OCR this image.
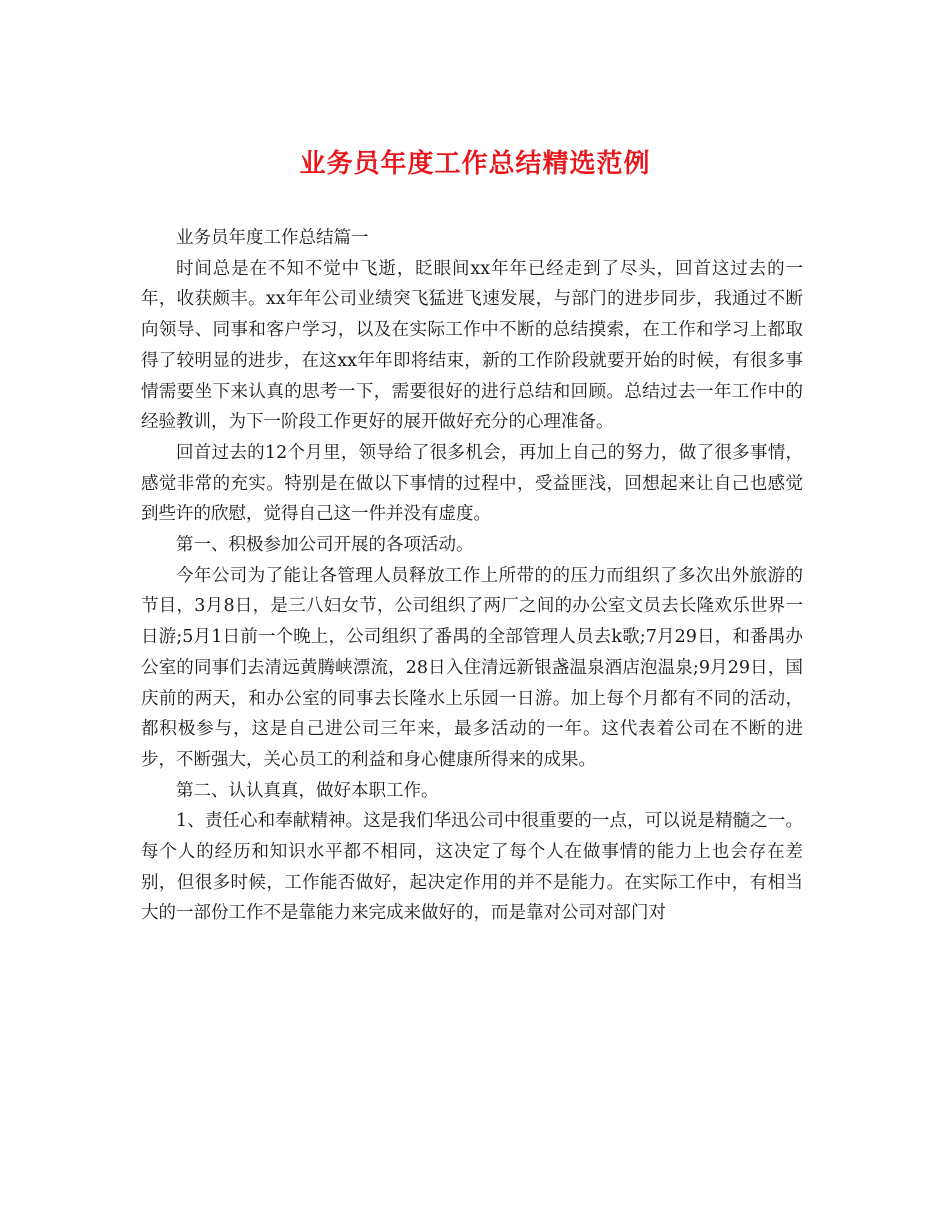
业务员年度工作总结精选范例

业务员年度工作总结篇一

时间总是在不知不觉中飞逝，眨眼间xx年年已经走到了尽头，回首这过去的一年，收获颇丰。xx年年公司业绩突飞猛进飞速发展，与部门的进步同步，我通过不断向领导、同事和客户学习，以及在实际工作中不断的总结摸索，在工作和学习上都取得了较明显的进步，在这xx年年即将结束，新的工作阶段就要开始的时候，有很多事情需要坐下来认真的思考一下，需要很好的进行总结和回顾。总结过去一年工作中的经验教训，为下一阶段工作更好的展开做好充分的心理准备。

回首过去的12个月里，领导给了很多机会，再加上自己的努力，做了很多事情，感觉非常的充实。特别是在做以下事情的过程中，受益匪浅，回想起来让自己也感觉到些许的欣慰，觉得自己这一件并没有虚度。

第一、积极参加公司开展的各项活动。

今年公司为了能让各管理人员释放工作上所带的的压力而组织了多次出外旅游的节目，3月8日，是三八妇女节，公司组织了两厂之间的办公室文员去长隆欢乐世界一日游;5月1日前一个晚上，公司组织了番禺的全部管理人员去k歌;7月29日，和番禺办公室的同事们去清远黄腾峡漂流，28日入住清远新银盏温泉酒店泡温泉;9月29日，国庆前的两天，和办公室的同事去长隆水上乐园一日游。加上每个月都有不同的活动，都积极参与，这是自己进公司三年来，最多活动的一年。这代表着公司在不断的进步，不断强大，关心员工的利益和身心健康所得来的成果。

第二、认认真真，做好本职工作。

1、责任心和奉献精神。这是我们华迅公司中很重要的一点，可以说是精髓之一。每个人的经历和知识水平都不相同，这决定了每个人在做事情的能力上也会存在差别，但很多时候，工作能否做好，起决定作用的并不是能力。在实际工作中，有相当大的一部份工作不是靠能力来完成来做好的，而是靠对公司对部门对
